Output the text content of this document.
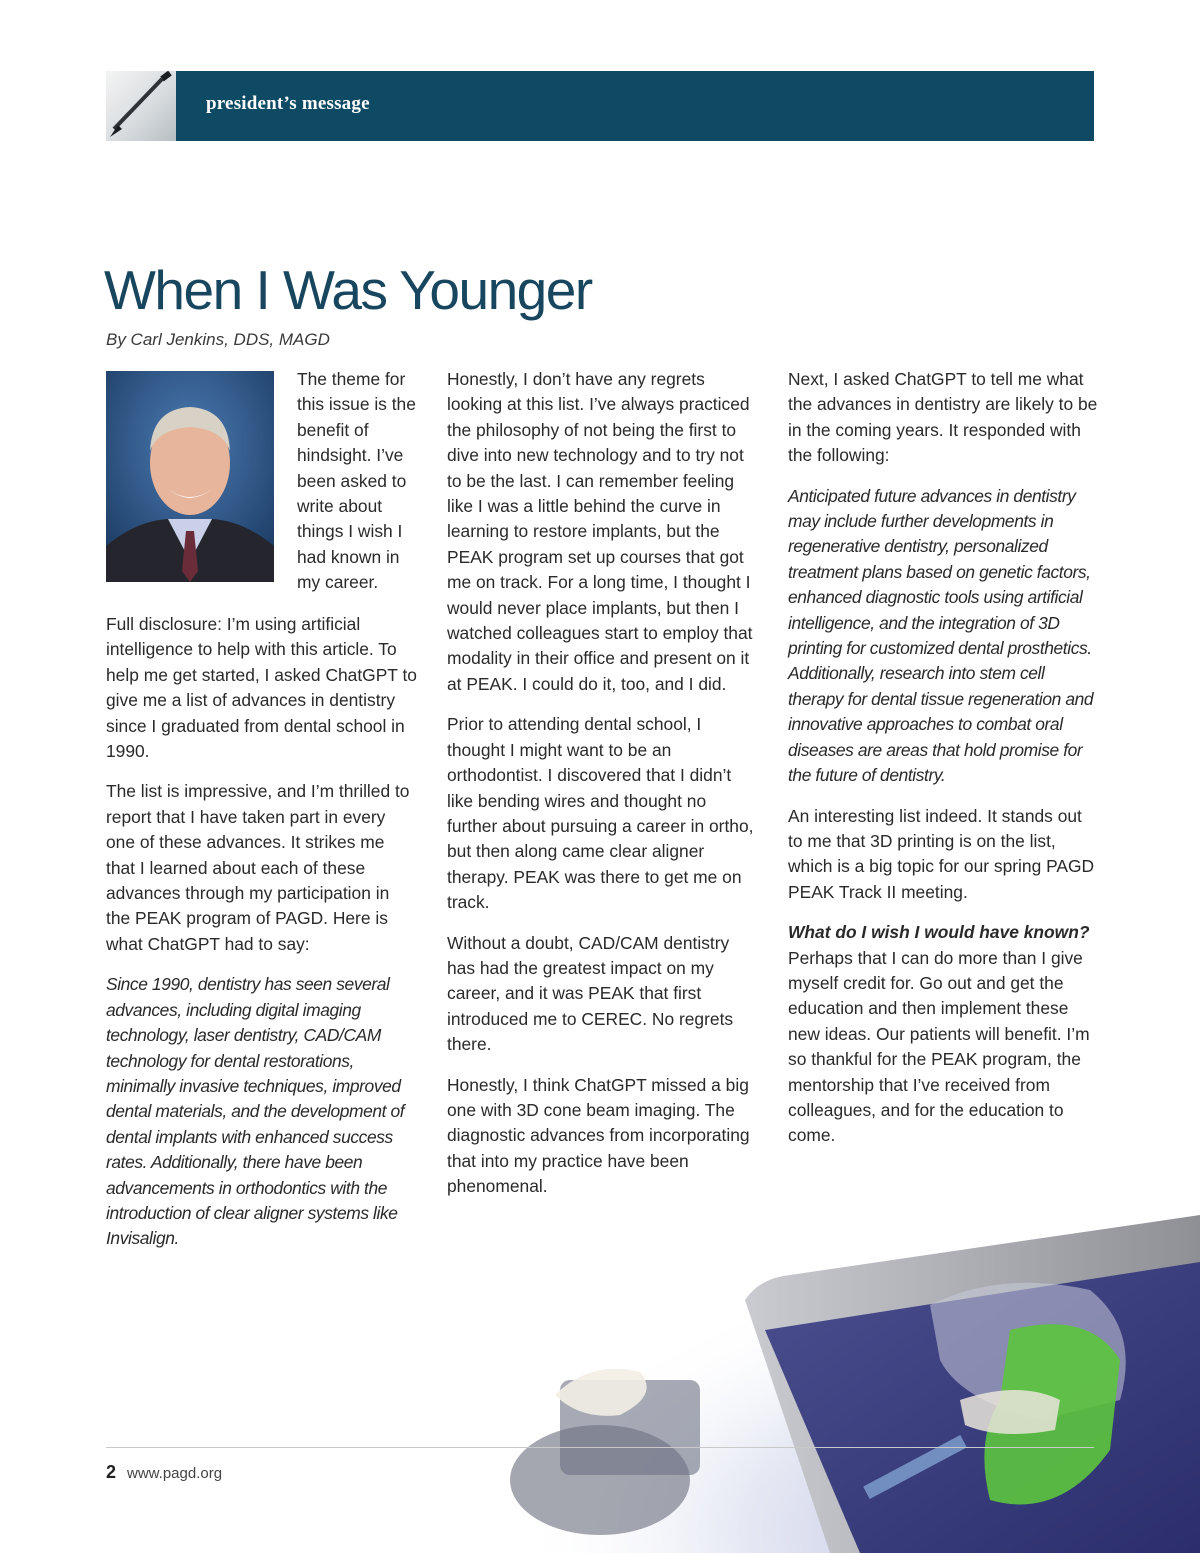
president’s message
When I Was Younger
By Carl Jenkins, DDS, MAGD

The theme for this issue is the benefit of hindsight. I’ve been asked to write about things I wish I had known in my career.

Full disclosure: I’m using artificial intelligence to help with this article. To help me get started, I asked ChatGPT to give me a list of advances in dentistry since I graduated from dental school in 1990.

The list is impressive, and I’m thrilled to report that I have taken part in every one of these advances. It strikes me that I learned about each of these advances through my participation in the PEAK program of PAGD. Here is what ChatGPT had to say:

Since 1990, dentistry has seen several advances, including digital imaging technology, laser dentistry, CAD/CAM technology for dental restorations, minimally invasive techniques, improved dental materials, and the development of dental implants with enhanced success rates. Additionally, there have been advancements in orthodontics with the introduction of clear aligner systems like Invisalign.

Honestly, I don’t have any regrets looking at this list. I’ve always practiced the philosophy of not being the first to dive into new technology and to try not to be the last. I can remember feeling like I was a little behind the curve in learning to restore implants, but the PEAK program set up courses that got me on track. For a long time, I thought I would never place implants, but then I watched colleagues start to employ that modality in their office and present on it at PEAK. I could do it, too, and I did.

Prior to attending dental school, I thought I might want to be an orthodontist. I discovered that I didn’t like bending wires and thought no further about pursuing a career in ortho, but then along came clear aligner therapy. PEAK was there to get me on track.

Without a doubt, CAD/CAM dentistry has had the greatest impact on my career, and it was PEAK that first introduced me to CEREC. No regrets there.

Honestly, I think ChatGPT missed a big one with 3D cone beam imaging. The diagnostic advances from incorporating that into my practice have been phenomenal.

Next, I asked ChatGPT to tell me what the advances in dentistry are likely to be in the coming years. It responded with the following:

Anticipated future advances in dentistry may include further developments in regenerative dentistry, personalized treatment plans based on genetic factors, enhanced diagnostic tools using artificial intelligence, and the integration of 3D printing for customized dental prosthetics. Additionally, research into stem cell therapy for dental tissue regeneration and innovative approaches to combat oral diseases are areas that hold promise for the future of dentistry.

An interesting list indeed. It stands out to me that 3D printing is on the list, which is a big topic for our spring PAGD PEAK Track II meeting.

What do I wish I would have known? Perhaps that I can do more than I give myself credit for. Go out and get the education and then implement these new ideas. Our patients will benefit. I’m so thankful for the PEAK program, the mentorship that I’ve received from colleagues, and for the education to come.

2 www.pagd.org
